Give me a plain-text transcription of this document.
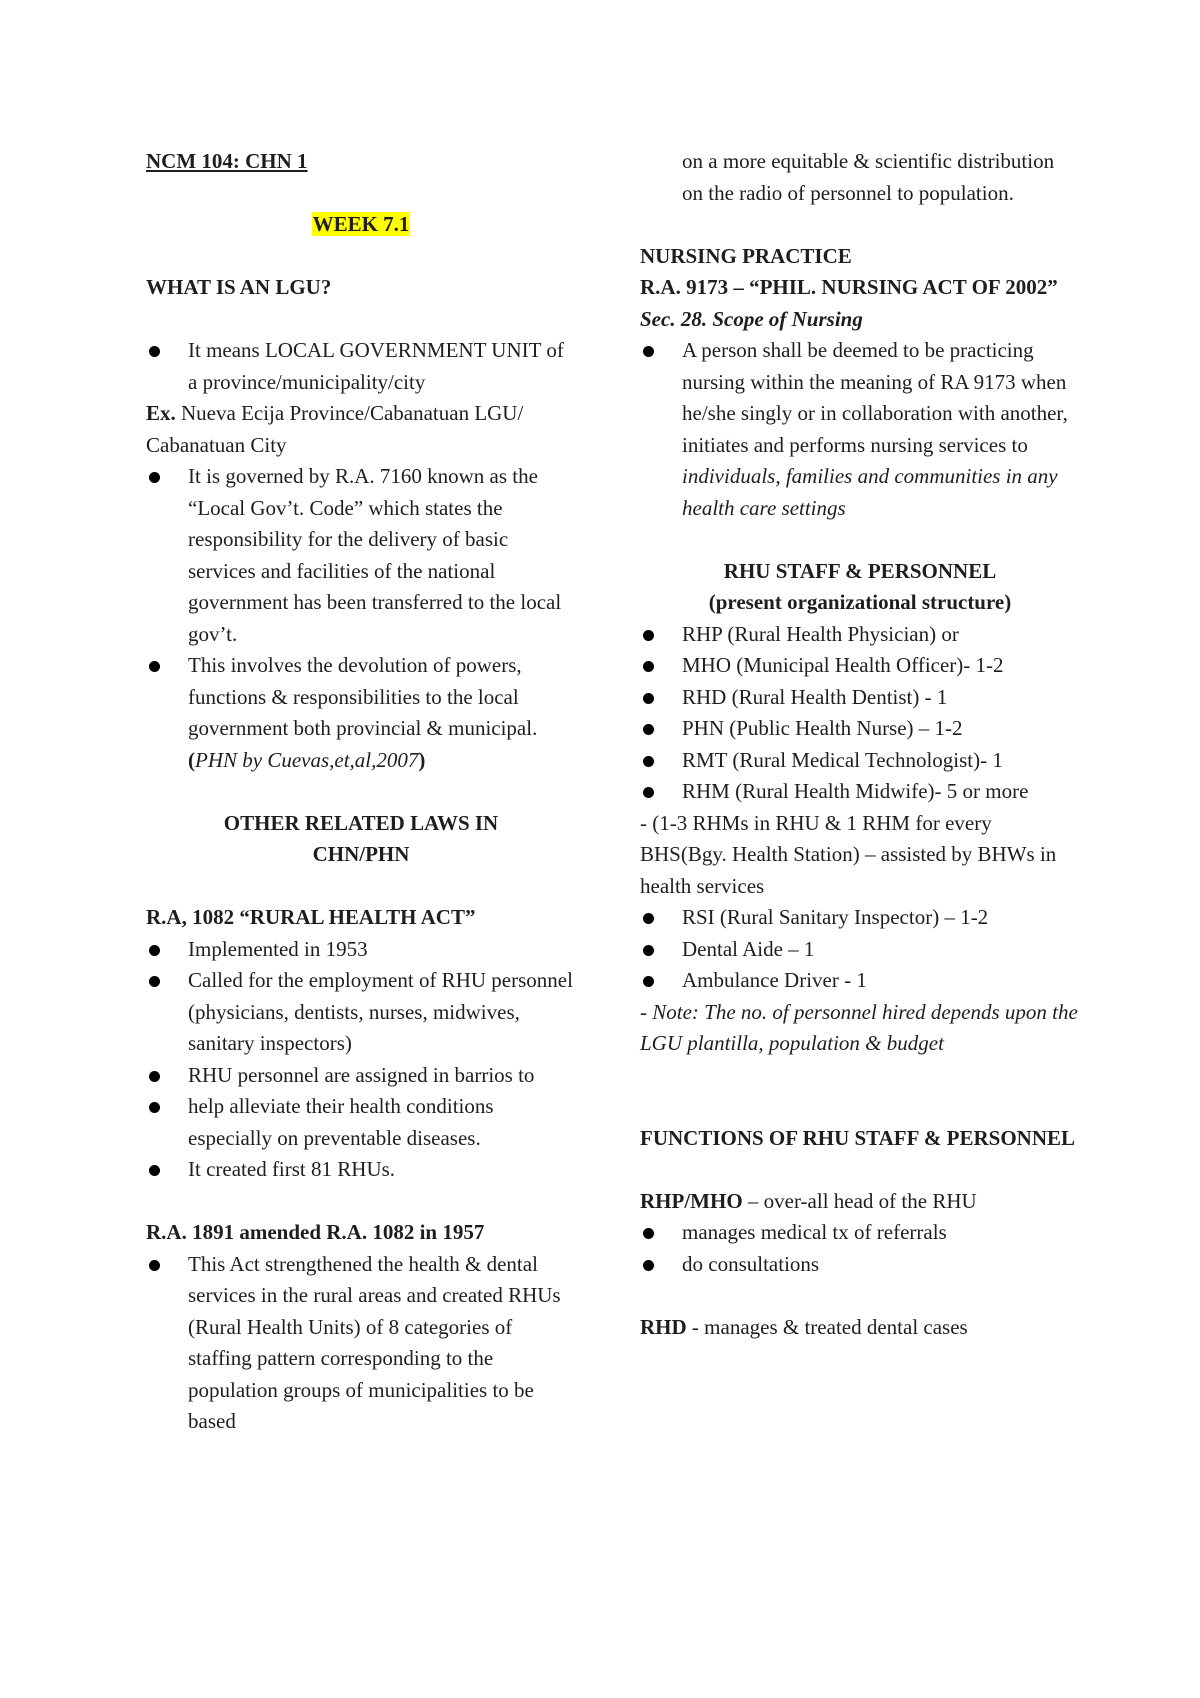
NCM 104: CHN 1

WEEK 7.1

WHAT IS AN LGU?

It means LOCAL GOVERNMENT UNIT of a province/municipality/city

Ex. Nueva Ecija Province/Cabanatuan LGU/

Cabanatuan City

It is governed by R.A. 7160 known as the “Local Gov’t. Code” which states the responsibility for the delivery of basic services and facilities of the national government has been transferred to the local gov’t.
This involves the devolution of powers, functions & responsibilities to the local government both provincial & municipal. (PHN by Cuevas,et,al,2007)

OTHER RELATED LAWS IN

CHN/PHN

R.A, 1082 “RURAL HEALTH ACT”

Implemented in 1953
Called for the employment of RHU personnel (physicians, dentists, nurses, midwives, sanitary inspectors)
RHU personnel are assigned in barrios to
help alleviate their health conditions especially on preventable diseases.
It created first 81 RHUs.

R.A. 1891 amended R.A. 1082 in 1957

This Act strengthened the health & dental services in the rural areas and created RHUs (Rural Health Units) of 8 categories of staffing pattern corresponding to the population groups of municipalities to be based

on a more equitable & scientific distribution on the radio of personnel to population.

NURSING PRACTICE

R.A. 9173 – “PHIL. NURSING ACT OF 2002”

Sec. 28. Scope of Nursing

A person shall be deemed to be practicing nursing within the meaning of RA 9173 when he/she singly or in collaboration with another, initiates and performs nursing services to individuals, families and communities in any health care settings

RHU STAFF & PERSONNEL

(present organizational structure)

RHP (Rural Health Physician) or
MHO (Municipal Health Officer)- 1-2
RHD (Rural Health Dentist) - 1
PHN (Public Health Nurse) – 1-2
RMT (Rural Medical Technologist)- 1
RHM (Rural Health Midwife)- 5 or more

- (1-3 RHMs in RHU & 1 RHM for every BHS(Bgy. Health Station) – assisted by BHWs in health services

RSI (Rural Sanitary Inspector) – 1-2
Dental Aide – 1
Ambulance Driver - 1

- Note: The no. of personnel hired depends upon the LGU plantilla, population & budget

FUNCTIONS OF RHU STAFF & PERSONNEL

RHP/MHO – over-all head of the RHU

manages medical tx of referrals
do consultations

RHD - manages & treated dental cases
